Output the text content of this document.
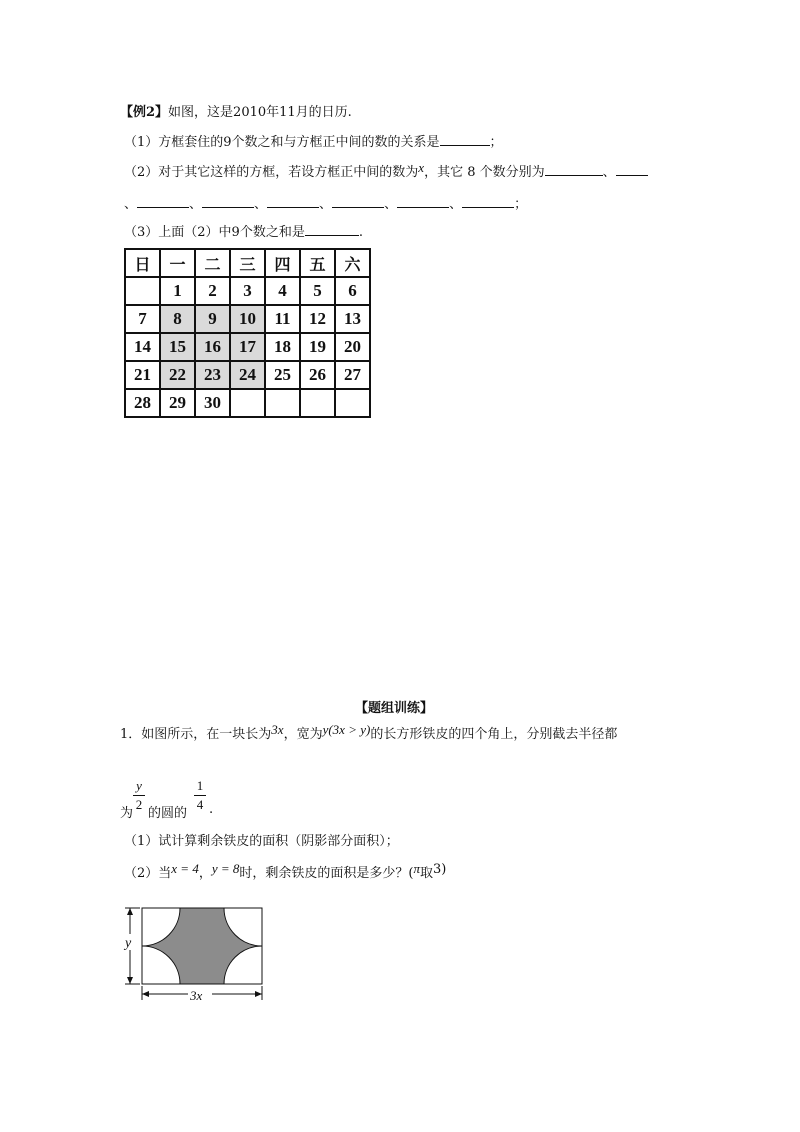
【例2】如图，这是2010年11月的日历.
（1）方框套住的9个数之和与方框正中间的数的关系是	；
（2）对于其它这样的方框，若设方框正中间的数为x，其它 8 个数分别为	、
、	、	、	、	、	、	；
（3）上面（2）中9个数之和是	.
日	一	二	三	四	五	六
	1	2	3	4	5	6
7	8	9	10	11	12	13
14	15	16	17	18	19	20
21	22	23	24	25	26	27
28	29	30				
【题组训练】
1．如图所示，在一块长为3x，宽为y(3x > y)的长方形铁皮的四个角上，分别截去半径都
y
2
1
4
为 的圆的 .
（1）试计算剩余铁皮的面积（阴影部分面积）；
（2）当x = 4，y = 8时，剩余铁皮的面积是多少？(π取3)
y
3x
